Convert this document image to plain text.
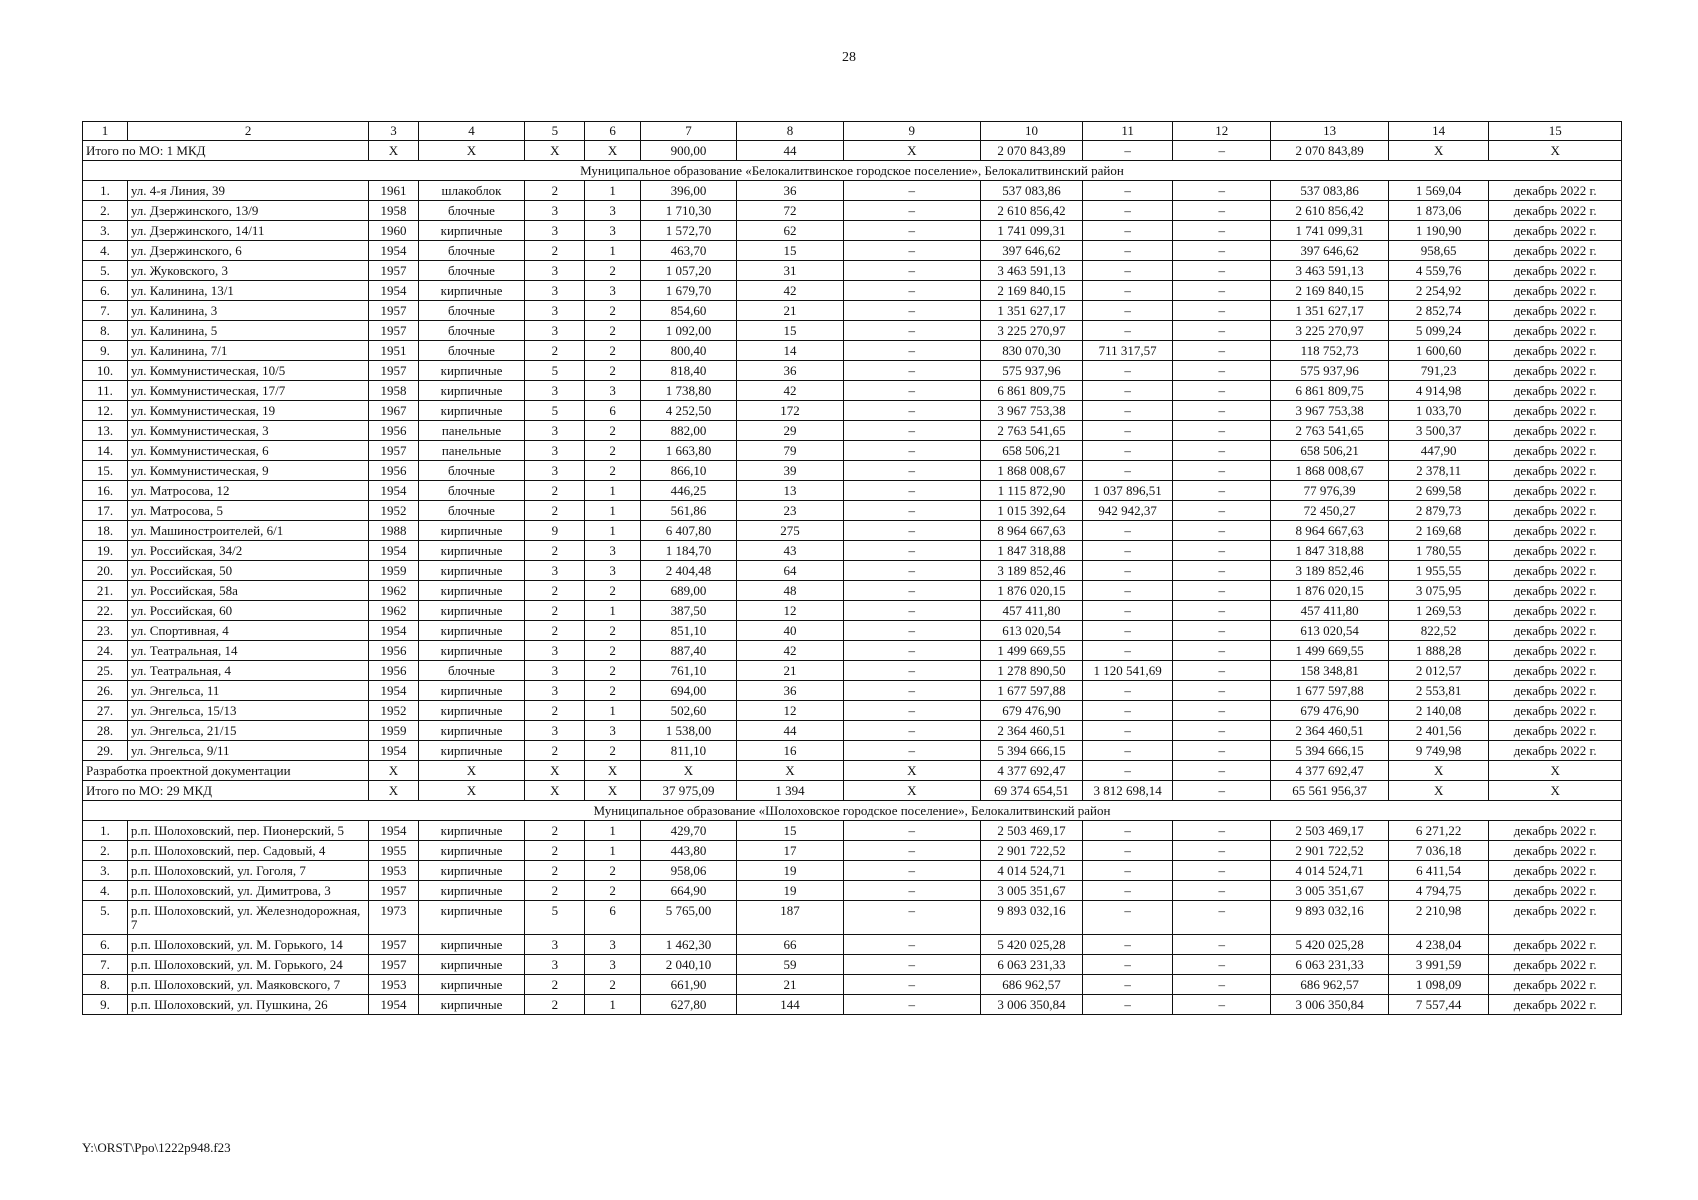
28
1	2	3	4	5	6	7	8	9	10	11	12	13	14	15
Итого по МО: 1 МКД		X	X	X	X	900,00	44	X	2 070 843,89	–	–	2 070 843,89	X	X
Муниципальное образование «Белокалитвинское городское поселение», Белокалитвинский район														
1.	ул. 4-я Линия, 39	1961	шлакоблок	2	1	396,00	36	–	537 083,86	–	–	537 083,86	1 569,04	декабрь 2022 г.
2.	ул. Дзержинского, 13/9	1958	блочные	3	3	1 710,30	72	–	2 610 856,42	–	–	2 610 856,42	1 873,06	декабрь 2022 г.
3.	ул. Дзержинского, 14/11	1960	кирпичные	3	3	1 572,70	62	–	1 741 099,31	–	–	1 741 099,31	1 190,90	декабрь 2022 г.
4.	ул. Дзержинского, 6	1954	блочные	2	1	463,70	15	–	397 646,62	–	–	397 646,62	958,65	декабрь 2022 г.
5.	ул. Жуковского, 3	1957	блочные	3	2	1 057,20	31	–	3 463 591,13	–	–	3 463 591,13	4 559,76	декабрь 2022 г.
6.	ул. Калинина, 13/1	1954	кирпичные	3	3	1 679,70	42	–	2 169 840,15	–	–	2 169 840,15	2 254,92	декабрь 2022 г.
7.	ул. Калинина, 3	1957	блочные	3	2	854,60	21	–	1 351 627,17	–	–	1 351 627,17	2 852,74	декабрь 2022 г.
8.	ул. Калинина, 5	1957	блочные	3	2	1 092,00	15	–	3 225 270,97	–	–	3 225 270,97	5 099,24	декабрь 2022 г.
9.	ул. Калинина, 7/1	1951	блочные	2	2	800,40	14	–	830 070,30	711 317,57	–	118 752,73	1 600,60	декабрь 2022 г.
10.	ул. Коммунистическая, 10/5	1957	кирпичные	5	2	818,40	36	–	575 937,96	–	–	575 937,96	791,23	декабрь 2022 г.
11.	ул. Коммунистическая, 17/7	1958	кирпичные	3	3	1 738,80	42	–	6 861 809,75	–	–	6 861 809,75	4 914,98	декабрь 2022 г.
12.	ул. Коммунистическая, 19	1967	кирпичные	5	6	4 252,50	172	–	3 967 753,38	–	–	3 967 753,38	1 033,70	декабрь 2022 г.
13.	ул. Коммунистическая, 3	1956	панельные	3	2	882,00	29	–	2 763 541,65	–	–	2 763 541,65	3 500,37	декабрь 2022 г.
14.	ул. Коммунистическая, 6	1957	панельные	3	2	1 663,80	79	–	658 506,21	–	–	658 506,21	447,90	декабрь 2022 г.
15.	ул. Коммунистическая, 9	1956	блочные	3	2	866,10	39	–	1 868 008,67	–	–	1 868 008,67	2 378,11	декабрь 2022 г.
16.	ул. Матросова, 12	1954	блочные	2	1	446,25	13	–	1 115 872,90	1 037 896,51	–	77 976,39	2 699,58	декабрь 2022 г.
17.	ул. Матросова, 5	1952	блочные	2	1	561,86	23	–	1 015 392,64	942 942,37	–	72 450,27	2 879,73	декабрь 2022 г.
18.	ул. Машиностроителей, 6/1	1988	кирпичные	9	1	6 407,80	275	–	8 964 667,63	–	–	8 964 667,63	2 169,68	декабрь 2022 г.
19.	ул. Российская, 34/2	1954	кирпичные	2	3	1 184,70	43	–	1 847 318,88	–	–	1 847 318,88	1 780,55	декабрь 2022 г.
20.	ул. Российская, 50	1959	кирпичные	3	3	2 404,48	64	–	3 189 852,46	–	–	3 189 852,46	1 955,55	декабрь 2022 г.
21.	ул. Российская, 58а	1962	кирпичные	2	2	689,00	48	–	1 876 020,15	–	–	1 876 020,15	3 075,95	декабрь 2022 г.
22.	ул. Российская, 60	1962	кирпичные	2	1	387,50	12	–	457 411,80	–	–	457 411,80	1 269,53	декабрь 2022 г.
23.	ул. Спортивная, 4	1954	кирпичные	2	2	851,10	40	–	613 020,54	–	–	613 020,54	822,52	декабрь 2022 г.
24.	ул. Театральная, 14	1956	кирпичные	3	2	887,40	42	–	1 499 669,55	–	–	1 499 669,55	1 888,28	декабрь 2022 г.
25.	ул. Театральная, 4	1956	блочные	3	2	761,10	21	–	1 278 890,50	1 120 541,69	–	158 348,81	2 012,57	декабрь 2022 г.
26.	ул. Энгельса, 11	1954	кирпичные	3	2	694,00	36	–	1 677 597,88	–	–	1 677 597,88	2 553,81	декабрь 2022 г.
27.	ул. Энгельса, 15/13	1952	кирпичные	2	1	502,60	12	–	679 476,90	–	–	679 476,90	2 140,08	декабрь 2022 г.
28.	ул. Энгельса, 21/15	1959	кирпичные	3	3	1 538,00	44	–	2 364 460,51	–	–	2 364 460,51	2 401,56	декабрь 2022 г.
29.	ул. Энгельса, 9/11	1954	кирпичные	2	2	811,10	16	–	5 394 666,15	–	–	5 394 666,15	9 749,98	декабрь 2022 г.
Разработка проектной документации		X	X	X	X	X	X	X	4 377 692,47	–	–	4 377 692,47	X	X
Итого по МО: 29 МКД		X	X	X	X	37 975,09	1 394	X	69 374 654,51	3 812 698,14	–	65 561 956,37	X	X
Муниципальное образование «Шолоховское городское поселение», Белокалитвинский район														
1.	р.п. Шолоховский, пер. Пионерский, 5	1954	кирпичные	2	1	429,70	15	–	2 503 469,17	–	–	2 503 469,17	6 271,22	декабрь 2022 г.
2.	р.п. Шолоховский, пер. Садовый, 4	1955	кирпичные	2	1	443,80	17	–	2 901 722,52	–	–	2 901 722,52	7 036,18	декабрь 2022 г.
3.	р.п. Шолоховский, ул. Гоголя, 7	1953	кирпичные	2	2	958,06	19	–	4 014 524,71	–	–	4 014 524,71	6 411,54	декабрь 2022 г.
4.	р.п. Шолоховский, ул. Димитрова, 3	1957	кирпичные	2	2	664,90	19	–	3 005 351,67	–	–	3 005 351,67	4 794,75	декабрь 2022 г.
5.	р.п. Шолоховский, ул. Железнодорожная, 7	1973	кирпичные	5	6	5 765,00	187	–	9 893 032,16	–	–	9 893 032,16	2 210,98	декабрь 2022 г.
6.	р.п. Шолоховский, ул. М. Горького, 14	1957	кирпичные	3	3	1 462,30	66	–	5 420 025,28	–	–	5 420 025,28	4 238,04	декабрь 2022 г.
7.	р.п. Шолоховский, ул. М. Горького, 24	1957	кирпичные	3	3	2 040,10	59	–	6 063 231,33	–	–	6 063 231,33	3 991,59	декабрь 2022 г.
8.	р.п. Шолоховский, ул. Маяковского, 7	1953	кирпичные	2	2	661,90	21	–	686 962,57	–	–	686 962,57	1 098,09	декабрь 2022 г.
9.	р.п. Шолоховский, ул. Пушкина, 26	1954	кирпичные	2	1	627,80	144	–	3 006 350,84	–	–	3 006 350,84	7 557,44	декабрь 2022 г.
Y:\ORST\Ppo\1222p948.f23
